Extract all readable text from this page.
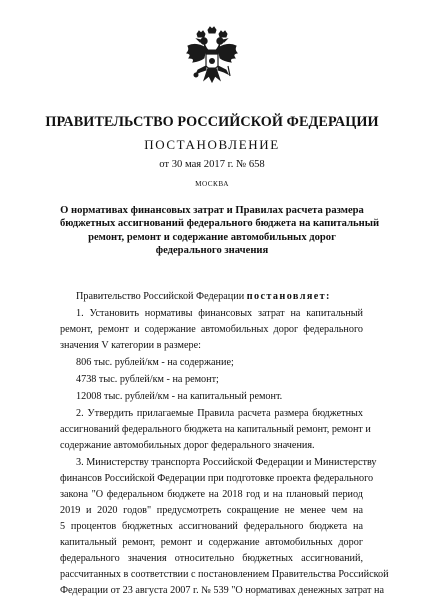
ПРАВИТЕЛЬСТВО РОССИЙСКОЙ ФЕДЕРАЦИИ
ПОСТАНОВЛЕНИЕ
от 30 мая 2017 г. № 658
МОСКВА
О нормативах финансовых затрат и Правилах расчета размера
бюджетных ассигнований федерального бюджета на капитальный
ремонт, ремонт и содержание автомобильных дорог
федерального значения
Правительство Российской Федерации постановляет:
1. Установить нормативы финансовых затрат на капитальный
ремонт, ремонт и содержание автомобильных дорог федерального
значения V категории в размере:
806 тыс. рублей/км - на содержание;
4738 тыс. рублей/км - на ремонт;
12008 тыс. рублей/км - на капитальный ремонт.
2. Утвердить прилагаемые Правила расчета размера бюджетных
ассигнований федерального бюджета на капитальный ремонт, ремонт и
содержание автомобильных дорог федерального значения.
3. Министерству транспорта Российской Федерации и Министерству
финансов Российской Федерации при подготовке проекта федерального
закона "О федеральном бюджете на 2018 год и на плановый период
2019 и 2020 годов" предусмотреть сокращение не менее чем на
5 процентов бюджетных ассигнований федерального бюджета на
капитальный ремонт, ремонт и содержание автомобильных дорог
федерального значения относительно бюджетных ассигнований,
рассчитанных в соответствии с постановлением Правительства Российской
Федерации от 23 августа 2007 г. № 539 "О нормативах денежных затрат на
